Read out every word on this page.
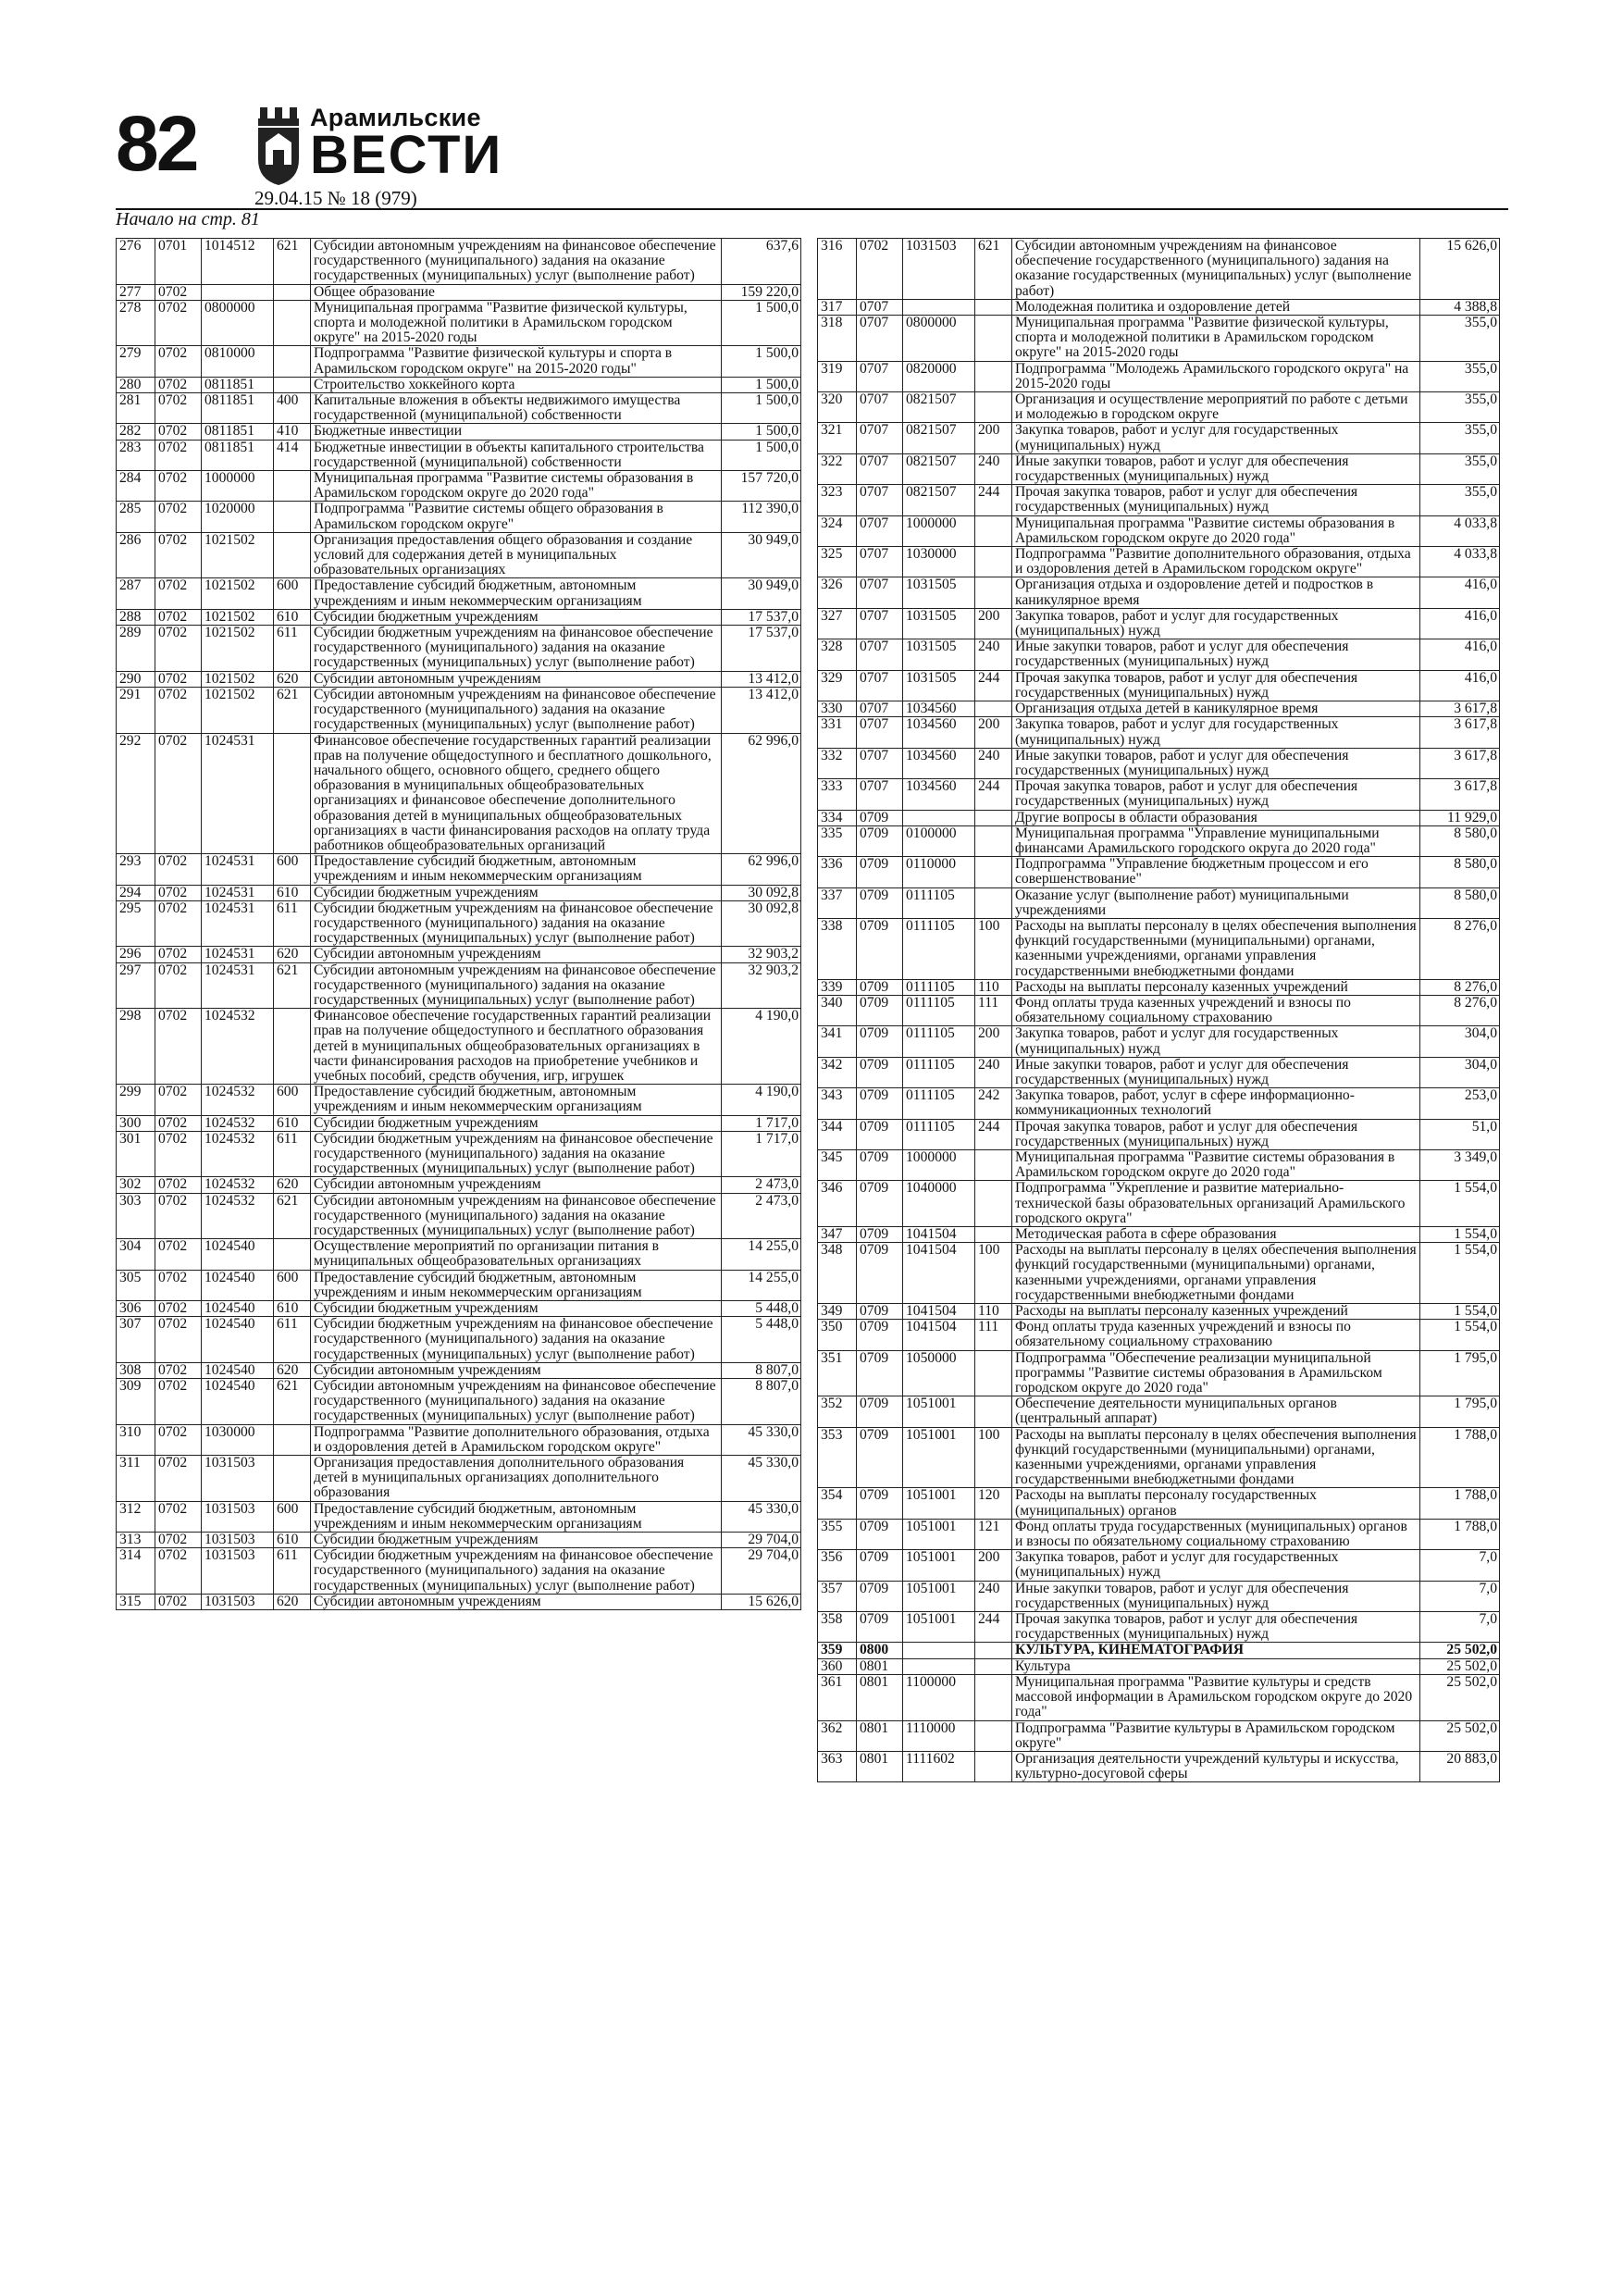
82	Арамильские
ВЕСТИ
29.04.15 № 18 (979)
Начало на стр. 81
276	0701	1014512	621	Субсидии автономным учреждениям на финансовое обеспечение государственного (муниципального) задания на оказание государственных (муниципальных) услуг (выполнение работ)	637,6
277	0702			Общее образование	159 220,0
278	0702	0800000		Муниципальная программа "Развитие физической культуры, спорта и молодежной политики в Арамильском городском округе" на 2015-2020 годы	1 500,0
279	0702	0810000		Подпрограмма "Развитие физической культуры и спорта в Арамильском городском округе" на 2015-2020 годы"	1 500,0
280	0702	0811851		Строительство хоккейного корта	1 500,0
281	0702	0811851	400	Капитальные вложения в объекты недвижимого имущества государственной (муниципальной) собственности	1 500,0
282	0702	0811851	410	Бюджетные инвестиции	1 500,0
283	0702	0811851	414	Бюджетные инвестиции в объекты капитального строительства государственной (муниципальной) собственности	1 500,0
284	0702	1000000		Муниципальная программа "Развитие системы образования в Арамильском городском округе до 2020 года"	157 720,0
285	0702	1020000		Подпрограмма "Развитие системы общего образования в Арамильском городском округе"	112 390,0
286	0702	1021502		Организация предоставления общего образования и создание условий для содержания детей в муниципальных образовательных организациях	30 949,0
287	0702	1021502	600	Предоставление субсидий бюджетным, автономным учреждениям и иным некоммерческим организациям	30 949,0
288	0702	1021502	610	Субсидии бюджетным учреждениям	17 537,0
289	0702	1021502	611	Субсидии бюджетным учреждениям на финансовое обеспечение государственного (муниципального) задания на оказание государственных (муниципальных) услуг (выполнение работ)	17 537,0
290	0702	1021502	620	Субсидии автономным учреждениям	13 412,0
291	0702	1021502	621	Субсидии автономным учреждениям на финансовое обеспечение государственного (муниципального) задания на оказание государственных (муниципальных) услуг (выполнение работ)	13 412,0
292	0702	1024531		Финансовое обеспечение государственных гарантий реализации прав на получение общедоступного и бесплатного дошкольного, начального общего, основного общего, среднего общего образования в муниципальных общеобразовательных организациях и финансовое обеспечение дополнительного образования детей в муниципальных общеобразовательных организациях в части финансирования расходов на оплату труда работников общеобразовательных организаций	62 996,0
293	0702	1024531	600	Предоставление субсидий бюджетным, автономным учреждениям и иным некоммерческим организациям	62 996,0
294	0702	1024531	610	Субсидии бюджетным учреждениям	30 092,8
295	0702	1024531	611	Субсидии бюджетным учреждениям на финансовое обеспечение государственного (муниципального) задания на оказание государственных (муниципальных) услуг (выполнение работ)	30 092,8
296	0702	1024531	620	Субсидии автономным учреждениям	32 903,2
297	0702	1024531	621	Субсидии автономным учреждениям на финансовое обеспечение государственного (муниципального) задания на оказание государственных (муниципальных) услуг (выполнение работ)	32 903,2
298	0702	1024532		Финансовое обеспечение государственных гарантий реализации прав на получение общедоступного и бесплатного образования детей в муниципальных общеобразовательных организациях в части финансирования расходов на приобретение учебников и учебных пособий, средств обучения, игр, игрушек	4 190,0
299	0702	1024532	600	Предоставление субсидий бюджетным, автономным учреждениям и иным некоммерческим организациям	4 190,0
300	0702	1024532	610	Субсидии бюджетным учреждениям	1 717,0
301	0702	1024532	611	Субсидии бюджетным учреждениям на финансовое обеспечение государственного (муниципального) задания на оказание государственных (муниципальных) услуг (выполнение работ)	1 717,0
302	0702	1024532	620	Субсидии автономным учреждениям	2 473,0
303	0702	1024532	621	Субсидии автономным учреждениям на финансовое обеспечение государственного (муниципального) задания на оказание государственных (муниципальных) услуг (выполнение работ)	2 473,0
304	0702	1024540		Осуществление мероприятий по организации питания в муниципальных общеобразовательных организациях	14 255,0
305	0702	1024540	600	Предоставление субсидий бюджетным, автономным учреждениям и иным некоммерческим организациям	14 255,0
306	0702	1024540	610	Субсидии бюджетным учреждениям	5 448,0
307	0702	1024540	611	Субсидии бюджетным учреждениям на финансовое обеспечение государственного (муниципального) задания на оказание государственных (муниципальных) услуг (выполнение работ)	5 448,0
308	0702	1024540	620	Субсидии автономным учреждениям	8 807,0
309	0702	1024540	621	Субсидии автономным учреждениям на финансовое обеспечение государственного (муниципального) задания на оказание государственных (муниципальных) услуг (выполнение работ)	8 807,0
310	0702	1030000		Подпрограмма "Развитие дополнительного образования, отдыха и оздоровления детей в Арамильском городском округе"	45 330,0
311	0702	1031503		Организация предоставления дополнительного образования детей в муниципальных организациях дополнительного образования	45 330,0
312	0702	1031503	600	Предоставление субсидий бюджетным, автономным учреждениям и иным некоммерческим организациям	45 330,0
313	0702	1031503	610	Субсидии бюджетным учреждениям	29 704,0
314	0702	1031503	611	Субсидии бюджетным учреждениям на финансовое обеспечение государственного (муниципального) задания на оказание государственных (муниципальных) услуг (выполнение работ)	29 704,0
315	0702	1031503	620	Субсидии автономным учреждениям	15 626,0
316	0702	1031503	621	Субсидии автономным учреждениям на финансовое обеспечение государственного (муниципального) задания на оказание государственных (муниципальных) услуг (выполнение работ)	15 626,0
317	0707			Молодежная политика и оздоровление детей	4 388,8
318	0707	0800000		Муниципальная программа "Развитие физической культуры, спорта и молодежной политики в Арамильском городском округе" на 2015-2020 годы	355,0
319	0707	0820000		Подпрограмма "Молодежь Арамильского городского округа" на 2015-2020 годы	355,0
320	0707	0821507		Организация и осуществление мероприятий по работе с детьми и молодежью в городском округе	355,0
321	0707	0821507	200	Закупка товаров, работ и услуг для государственных (муниципальных) нужд	355,0
322	0707	0821507	240	Иные закупки товаров, работ и услуг для обеспечения государственных (муниципальных) нужд	355,0
323	0707	0821507	244	Прочая закупка товаров, работ и услуг для обеспечения государственных (муниципальных) нужд	355,0
324	0707	1000000		Муниципальная программа "Развитие системы образования в Арамильском городском округе до 2020 года"	4 033,8
325	0707	1030000		Подпрограмма "Развитие дополнительного образования, отдыха и оздоровления детей в Арамильском городском округе"	4 033,8
326	0707	1031505		Организация отдыха и оздоровление детей и подростков в каникулярное время	416,0
327	0707	1031505	200	Закупка товаров, работ и услуг для государственных (муниципальных) нужд	416,0
328	0707	1031505	240	Иные закупки товаров, работ и услуг для обеспечения государственных (муниципальных) нужд	416,0
329	0707	1031505	244	Прочая закупка товаров, работ и услуг для обеспечения государственных (муниципальных) нужд	416,0
330	0707	1034560		Организация отдыха детей в каникулярное время	3 617,8
331	0707	1034560	200	Закупка товаров, работ и услуг для государственных (муниципальных) нужд	3 617,8
332	0707	1034560	240	Иные закупки товаров, работ и услуг для обеспечения государственных (муниципальных) нужд	3 617,8
333	0707	1034560	244	Прочая закупка товаров, работ и услуг для обеспечения государственных (муниципальных) нужд	3 617,8
334	0709			Другие вопросы в области образования	11 929,0
335	0709	0100000		Муниципальная программа "Управление муниципальными финансами Арамильского городского округа до 2020 года"	8 580,0
336	0709	0110000		Подпрограмма "Управление бюджетным процессом и его совершенствование"	8 580,0
337	0709	0111105		Оказание услуг (выполнение работ) муниципальными учреждениями	8 580,0
338	0709	0111105	100	Расходы на выплаты персоналу в целях обеспечения выполнения функций государственными (муниципальными) органами, казенными учреждениями, органами управления государственными внебюджетными фондами	8 276,0
339	0709	0111105	110	Расходы на выплаты персоналу казенных учреждений	8 276,0
340	0709	0111105	111	Фонд оплаты труда казенных учреждений и взносы по обязательному социальному страхованию	8 276,0
341	0709	0111105	200	Закупка товаров, работ и услуг для государственных (муниципальных) нужд	304,0
342	0709	0111105	240	Иные закупки товаров, работ и услуг для обеспечения государственных (муниципальных) нужд	304,0
343	0709	0111105	242	Закупка товаров, работ, услуг в сфере информационно-коммуникационных технологий	253,0
344	0709	0111105	244	Прочая закупка товаров, работ и услуг для обеспечения государственных (муниципальных) нужд	51,0
345	0709	1000000		Муниципальная программа "Развитие системы образования в Арамильском городском округе до 2020 года"	3 349,0
346	0709	1040000		Подпрограмма "Укрепление и развитие материально- технической базы образовательных организаций Арамильского городского округа"	1 554,0
347	0709	1041504		Методическая работа в сфере образования	1 554,0
348	0709	1041504	100	Расходы на выплаты персоналу в целях обеспечения выполнения функций государственными (муниципальными) органами, казенными учреждениями, органами управления государственными внебюджетными фондами	1 554,0
349	0709	1041504	110	Расходы на выплаты персоналу казенных учреждений	1 554,0
350	0709	1041504	111	Фонд оплаты труда казенных учреждений и взносы по обязательному социальному страхованию	1 554,0
351	0709	1050000		Подпрограмма "Обеспечение реализации муниципальной программы "Развитие системы образования в Арамильском городском округе до 2020 года"	1 795,0
352	0709	1051001		Обеспечение деятельности муниципальных органов (центральный аппарат)	1 795,0
353	0709	1051001	100	Расходы на выплаты персоналу в целях обеспечения выполнения функций государственными (муниципальными) органами, казенными учреждениями, органами управления государственными внебюджетными фондами	1 788,0
354	0709	1051001	120	Расходы на выплаты персоналу государственных (муниципальных) органов	1 788,0
355	0709	1051001	121	Фонд оплаты труда государственных (муниципальных) органов и взносы по обязательному социальному страхованию	1 788,0
356	0709	1051001	200	Закупка товаров, работ и услуг для государственных (муниципальных) нужд	7,0
357	0709	1051001	240	Иные закупки товаров, работ и услуг для обеспечения государственных (муниципальных) нужд	7,0
358	0709	1051001	244	Прочая закупка товаров, работ и услуг для обеспечения государственных (муниципальных) нужд	7,0
359	0800			КУЛЬТУРА, КИНЕМАТОГРАФИЯ	25 502,0
360	0801			Культура	25 502,0
361	0801	1100000		Муниципальная программа "Развитие культуры и средств массовой информации в Арамильском городском округе до 2020 года"	25 502,0
362	0801	1110000		Подпрограмма "Развитие культуры в Арамильском городском округе"	25 502,0
363	0801	1111602		Организация деятельности учреждений культуры и искусства, культурно-досуговой сферы	20 883,0
